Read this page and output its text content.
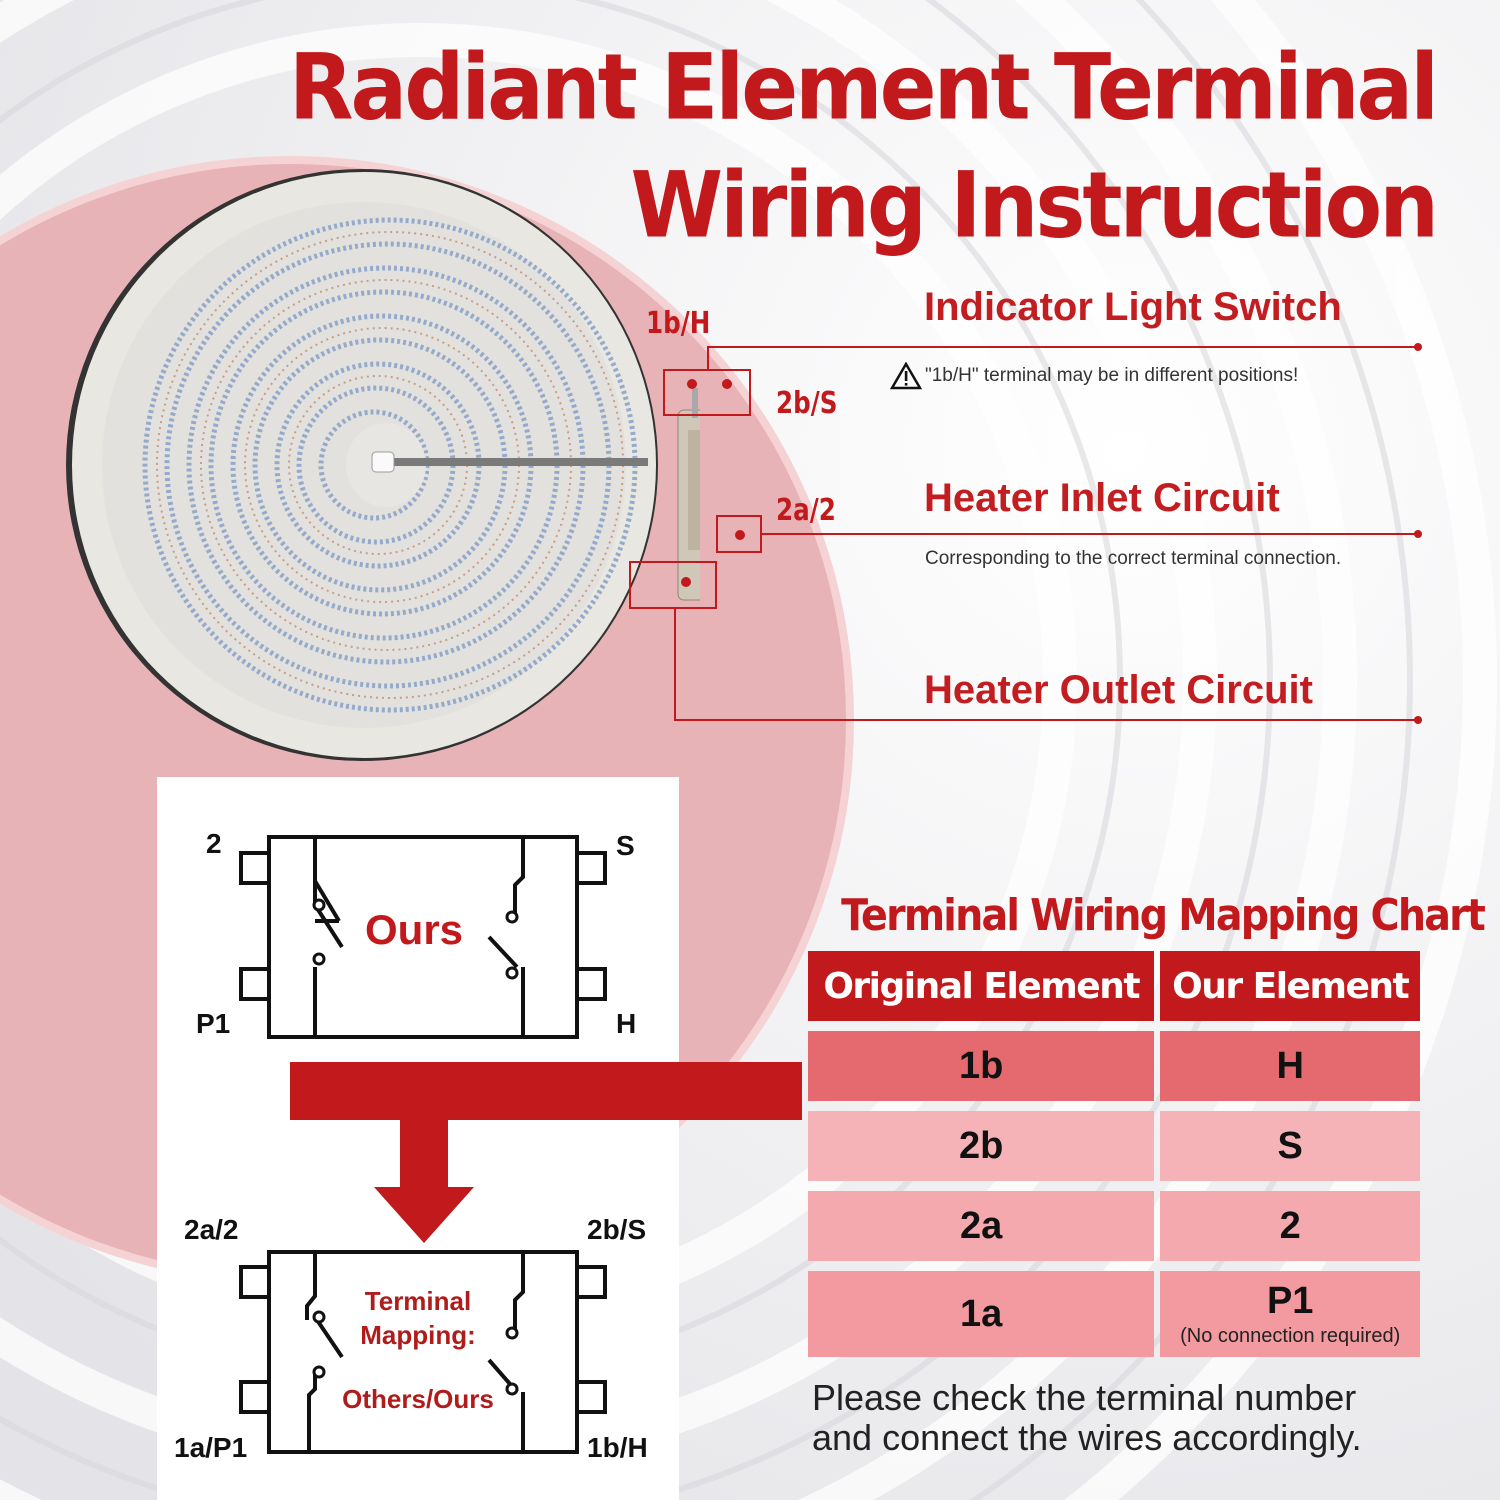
Radiant Element Terminal
Wiring Instruction
1b/H
2b/S
2a/2
Indicator Light Switch
"1b/H" terminal may be in different positions!
Heater Inlet Circuit
Corresponding to the correct terminal connection.
Heater Outlet Circuit
2	S
P1	H
Ours
2a/2	2b/S
1a/P1	1b/H
Terminal
Mapping:
Others/Ours
Terminal Wiring Mapping Chart
Original Element	Our Element

1b	H

2b	S

2a	2

1a	P1
(No connection required)
Please check the terminal number
and connect the wires accordingly.
